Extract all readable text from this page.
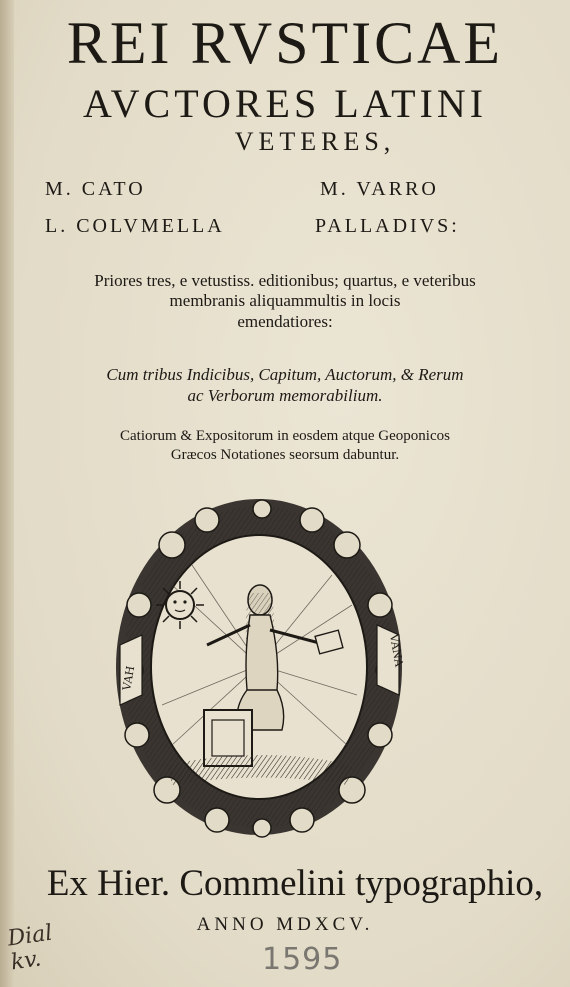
REI RVSTICAE
AVCTORES LATINI
VETERES,
M. CATO	M. VARRO
L. COLVMELLA	PALLADIVS:
Priores tres, e vetustiss. editionibus; quartus, e veteribus
membranis aliquammultis in locis
emendatiores:
Cum tribus Indicibus, Capitum, Auctorum, & Rerum
ac Verborum memorabilium.
Catiorum & Expositorum in eosdem atque Geoponicos
Græcos Notationes seorsum dabuntur.
VAH
VANA
Ex Hier. Commelini typographio,
ANNO MDXCV.
Dial kv.	1595
